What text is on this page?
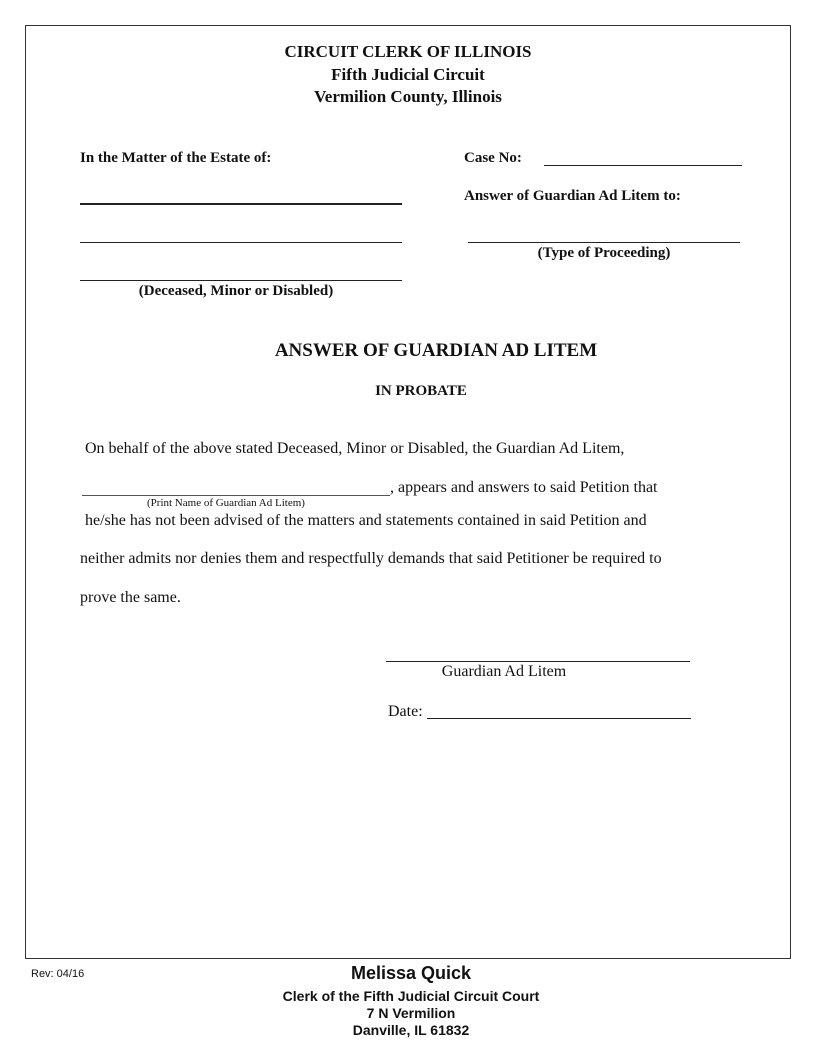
CIRCUIT CLERK OF ILLINOIS
Fifth Judicial Circuit
Vermilion County, Illinois
In the Matter of the Estate of:	Case No:
Answer of Guardian Ad Litem to:
(Type of Proceeding)
(Deceased, Minor or Disabled)
ANSWER OF GUARDIAN AD LITEM
IN PROBATE
On behalf of the above stated Deceased, Minor or Disabled, the Guardian Ad Litem,
, appears and answers to said Petition that
(Print Name of Guardian Ad Litem)
he/she has not been advised of the matters and statements contained in said Petition and
neither admits nor denies them and respectfully demands that said Petitioner be required to
prove the same.
Guardian Ad Litem
Date:
Rev: 04/16	Melissa Quick
Clerk of the Fifth Judicial Circuit Court
7 N Vermilion
Danville, IL 61832
